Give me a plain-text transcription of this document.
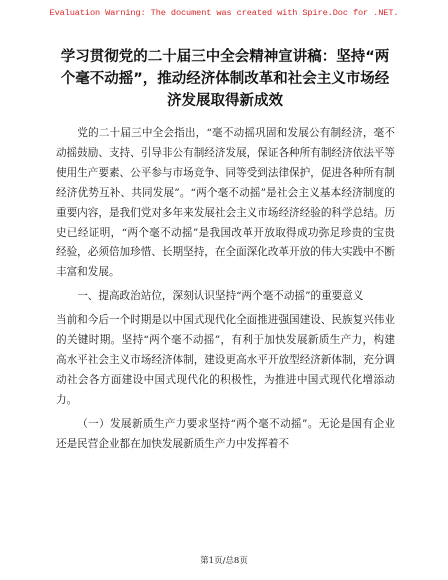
Evaluation Warning: The document was created with Spire.Doc for .NET.
学习贯彻党的二十届三中全会精神宣讲稿：坚持“两个毫不动摇”，推动经济体制改革和社会主义市场经济发展取得新成效

党的二十届三中全会指出，“毫不动摇巩固和发展公有制经济，毫不动摇鼓励、支持、引导非公有制经济发展，保证各种所有制经济依法平等使用生产要素、公平参与市场竞争、同等受到法律保护，促进各种所有制经济优势互补、共同发展”。“两个毫不动摇”是社会主义基本经济制度的重要内容，是我们党对多年来发展社会主义市场经济经验的科学总结。历史已经证明，“两个毫不动摇”是我国改革开放取得成功弥足珍贵的宝贵经验，必须倍加珍惜、长期坚持，在全面深化改革开放的伟大实践中不断丰富和发展。

一、提高政治站位，深刻认识坚持“两个毫不动摇”的重要意义

当前和今后一个时期是以中国式现代化全面推进强国建设、民族复兴伟业的关键时期。坚持“两个毫不动摇”，有利于加快发展新质生产力，构建高水平社会主义市场经济体制，建设更高水平开放型经济新体制，充分调动社会各方面建设中国式现代化的积极性，为推进中国式现代化增添动力。

（一）发展新质生产力要求坚持“两个毫不动摇”。无论是国有企业还是民营企业都在加快发展新质生产力中发挥着不

第1页/总8页
